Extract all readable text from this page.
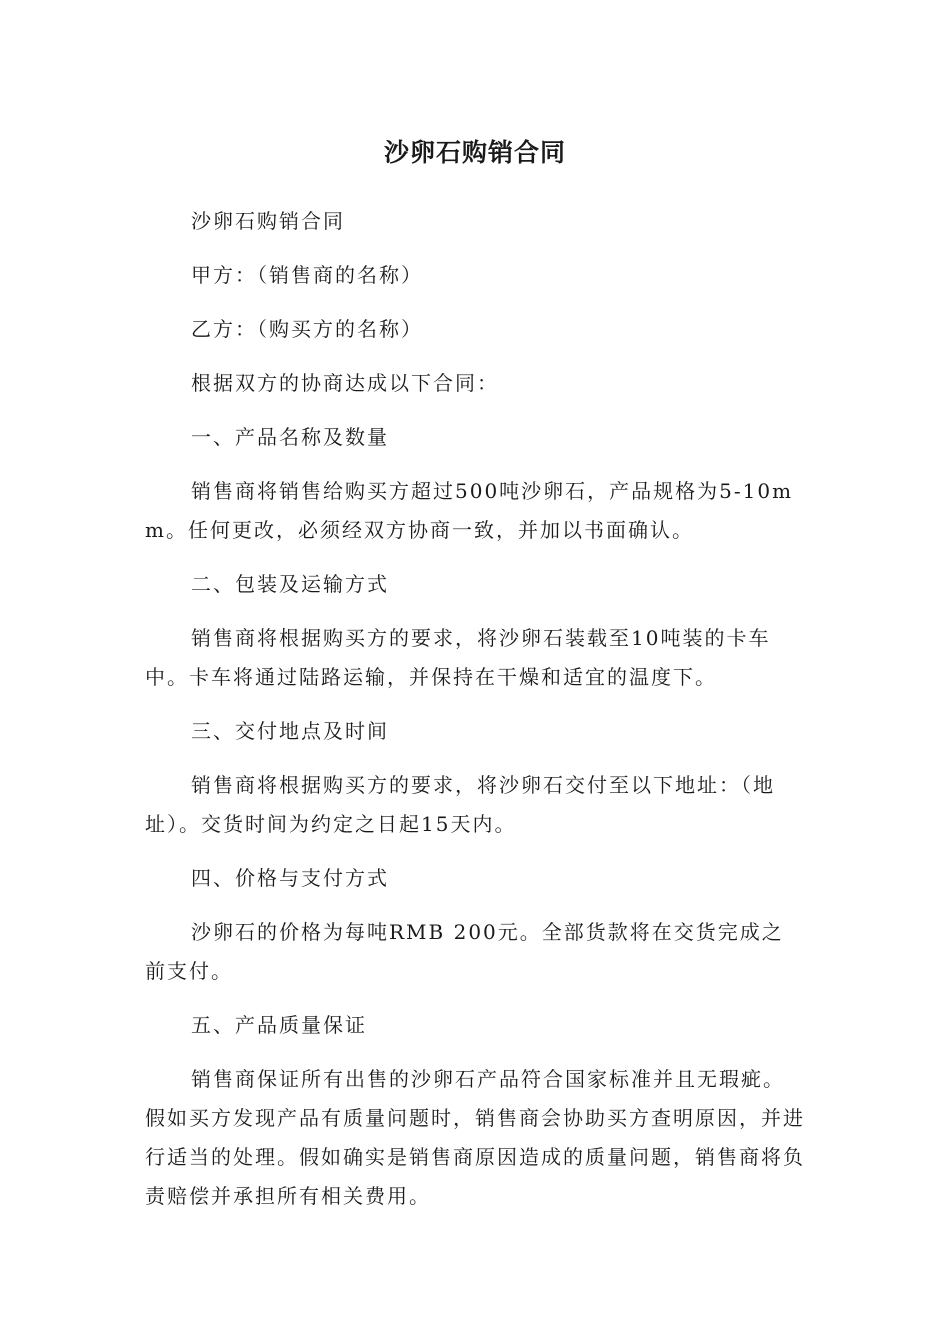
沙卵石购销合同

沙卵石购销合同

甲方：（销售商的名称）

乙方：（购买方的名称）

根据双方的协商达成以下合同：

一、产品名称及数量

销售商将销售给购买方超过500吨沙卵石，产品规格为5-10mm。任何更改，必须经双方协商一致，并加以书面确认。

二、包装及运输方式

销售商将根据购买方的要求，将沙卵石装载至10吨装的卡车中。卡车将通过陆路运输，并保持在干燥和适宜的温度下。

三、交付地点及时间

销售商将根据购买方的要求，将沙卵石交付至以下地址：（地址）。交货时间为约定之日起15天内。

四、价格与支付方式

沙卵石的价格为每吨RMB 200元。全部货款将在交货完成之前支付。

五、产品质量保证

销售商保证所有出售的沙卵石产品符合国家标准并且无瑕疵。假如买方发现产品有质量问题时，销售商会协助买方查明原因，并进行适当的处理。假如确实是销售商原因造成的质量问题，销售商将负责赔偿并承担所有相关费用。
